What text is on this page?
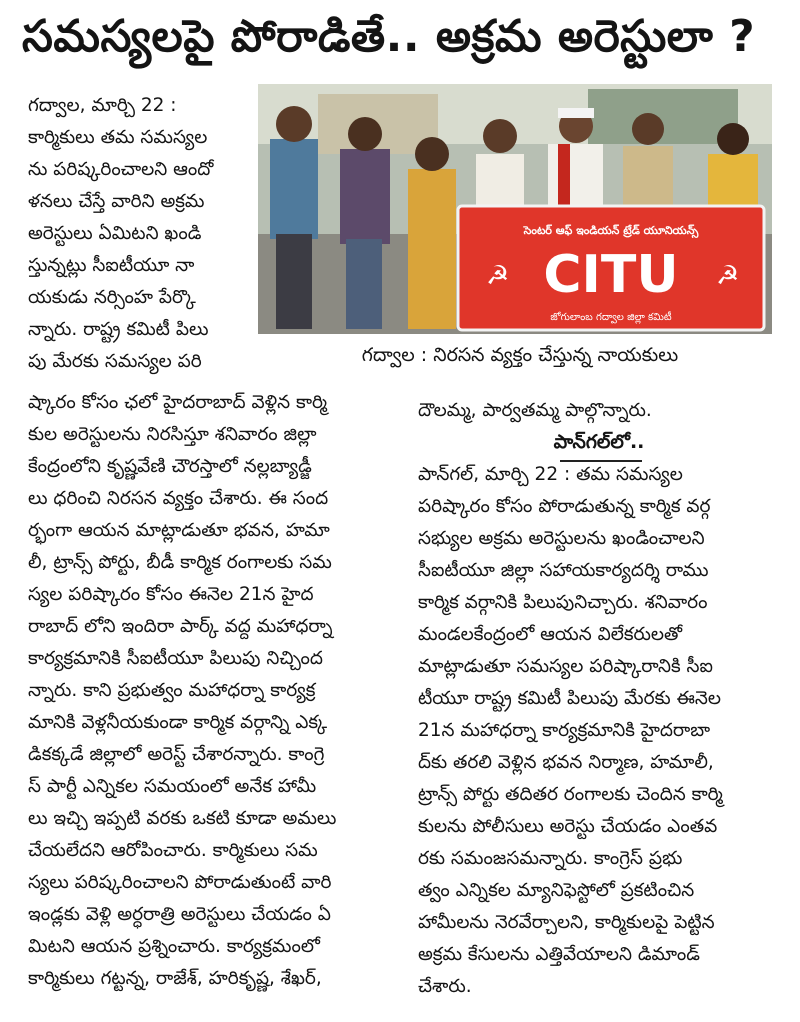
సమస్యలపై పోరాడితే.. అక్రమ అరెస్టులా ?
గద్వాల, మార్చి 22 :
కార్మికులు తమ సమస్యల
ను పరిష్కరించాలని ఆందో
ళనలు చేస్తే వారిని అక్రమ
అరెస్టులు ఏమిటని ఖండి
స్తున్నట్లు సీఐటీయూ నా
యకుడు నర్సింహ పేర్కొ
న్నారు. రాష్ట్ర కమిటీ పిలు
పు మేరకు సమస్యల పరి
సెంటర్ ఆఫ్ ఇండియన్ ట్రేడ్ యూనియన్స్
CITU
జోగులాంబ గద్వాల జిల్లా కమిటీ
☭	☭
గద్వాల : నిరసన వ్యక్తం చేస్తున్న నాయకులు
ష్కారం కోసం ఛలో హైదరాబాద్ వెళ్లిన కార్మి
కుల అరెస్టులను నిరసిస్తూ శనివారం జిల్లా
కేంద్రంలోని కృష్ణవేణి చౌరస్తాలో నల్లబ్యాడ్జీ
లు ధరించి నిరసన వ్యక్తం చేశారు. ఈ సంద
ర్భంగా ఆయన మాట్లాడుతూ భవన, హమా
లీ, ట్రాన్స్ పోర్టు, బీడీ కార్మిక రంగాలకు సమ
స్యల పరిష్కారం కోసం ఈనెల 21న హైద
రాబాద్ లోని ఇందిరా పార్క్ వద్ద మహాధర్నా
కార్యక్రమానికి సీఐటీయూ పిలుపు నిచ్చింద
న్నారు. కాని ప్రభుత్వం మహాధర్నా కార్యక్ర
మానికి వెళ్లనీయకుండా కార్మిక వర్గాన్ని ఎక్క
డికక్కడే జిల్లాలో అరెస్ట్ చేశారన్నారు. కాంగ్రె
స్ పార్టీ ఎన్నికల సమయంలో అనేక హామీ
లు ఇచ్చి ఇప్పటి వరకు ఒకటి కూడా అమలు
చేయలేదని ఆరోపించారు. కార్మికులు సమ
స్యలు పరిష్కరించాలని పోరాడుతుంటే వారి
ఇండ్లకు వెళ్లి అర్ధరాత్రి అరెస్టులు చేయడం ఏ
మిటని ఆయన ప్రశ్నించారు. కార్యక్రమంలో
కార్మికులు గట్టన్న, రాజేశ్, హరికృష్ణ, శేఖర్,
దౌలమ్మ, పార్వతమ్మ పాల్గొన్నారు.
పాన్‌గల్‌లో..
పాన్‌గల్, మార్చి 22 : తమ సమస్యల
పరిష్కారం కోసం పోరాడుతున్న కార్మిక వర్గ
సభ్యుల అక్రమ అరెస్టులను ఖండించాలని
సీఐటీయూ జిల్లా సహాయకార్యదర్శి రాము
కార్మిక వర్గానికి పిలుపునిచ్చారు. శనివారం
మండలకేంద్రంలో ఆయన విలేకరులతో
మాట్లాడుతూ సమస్యల పరిష్కారానికి సీఐ
టీయూ రాష్ట్ర కమిటీ పిలుపు మేరకు ఈనెల
21న మహాధర్నా కార్యక్రమానికి హైదరాబా
ద్‌కు తరలి వెళ్లిన భవన నిర్మాణ, హమాలీ,
ట్రాన్స్ పోర్టు తదితర రంగాలకు చెందిన కార్మి
కులను పోలీసులు అరెస్టు చేయడం ఎంతవ
రకు సమంజసమన్నారు. కాంగ్రెస్ ప్రభు
త్వం ఎన్నికల మ్యానిఫెస్టోలో ప్రకటించిన
హామీలను నెరవేర్చాలని, కార్మికులపై పెట్టిన
అక్రమ కేసులను ఎత్తివేయాలని డిమాండ్
చేశారు.
